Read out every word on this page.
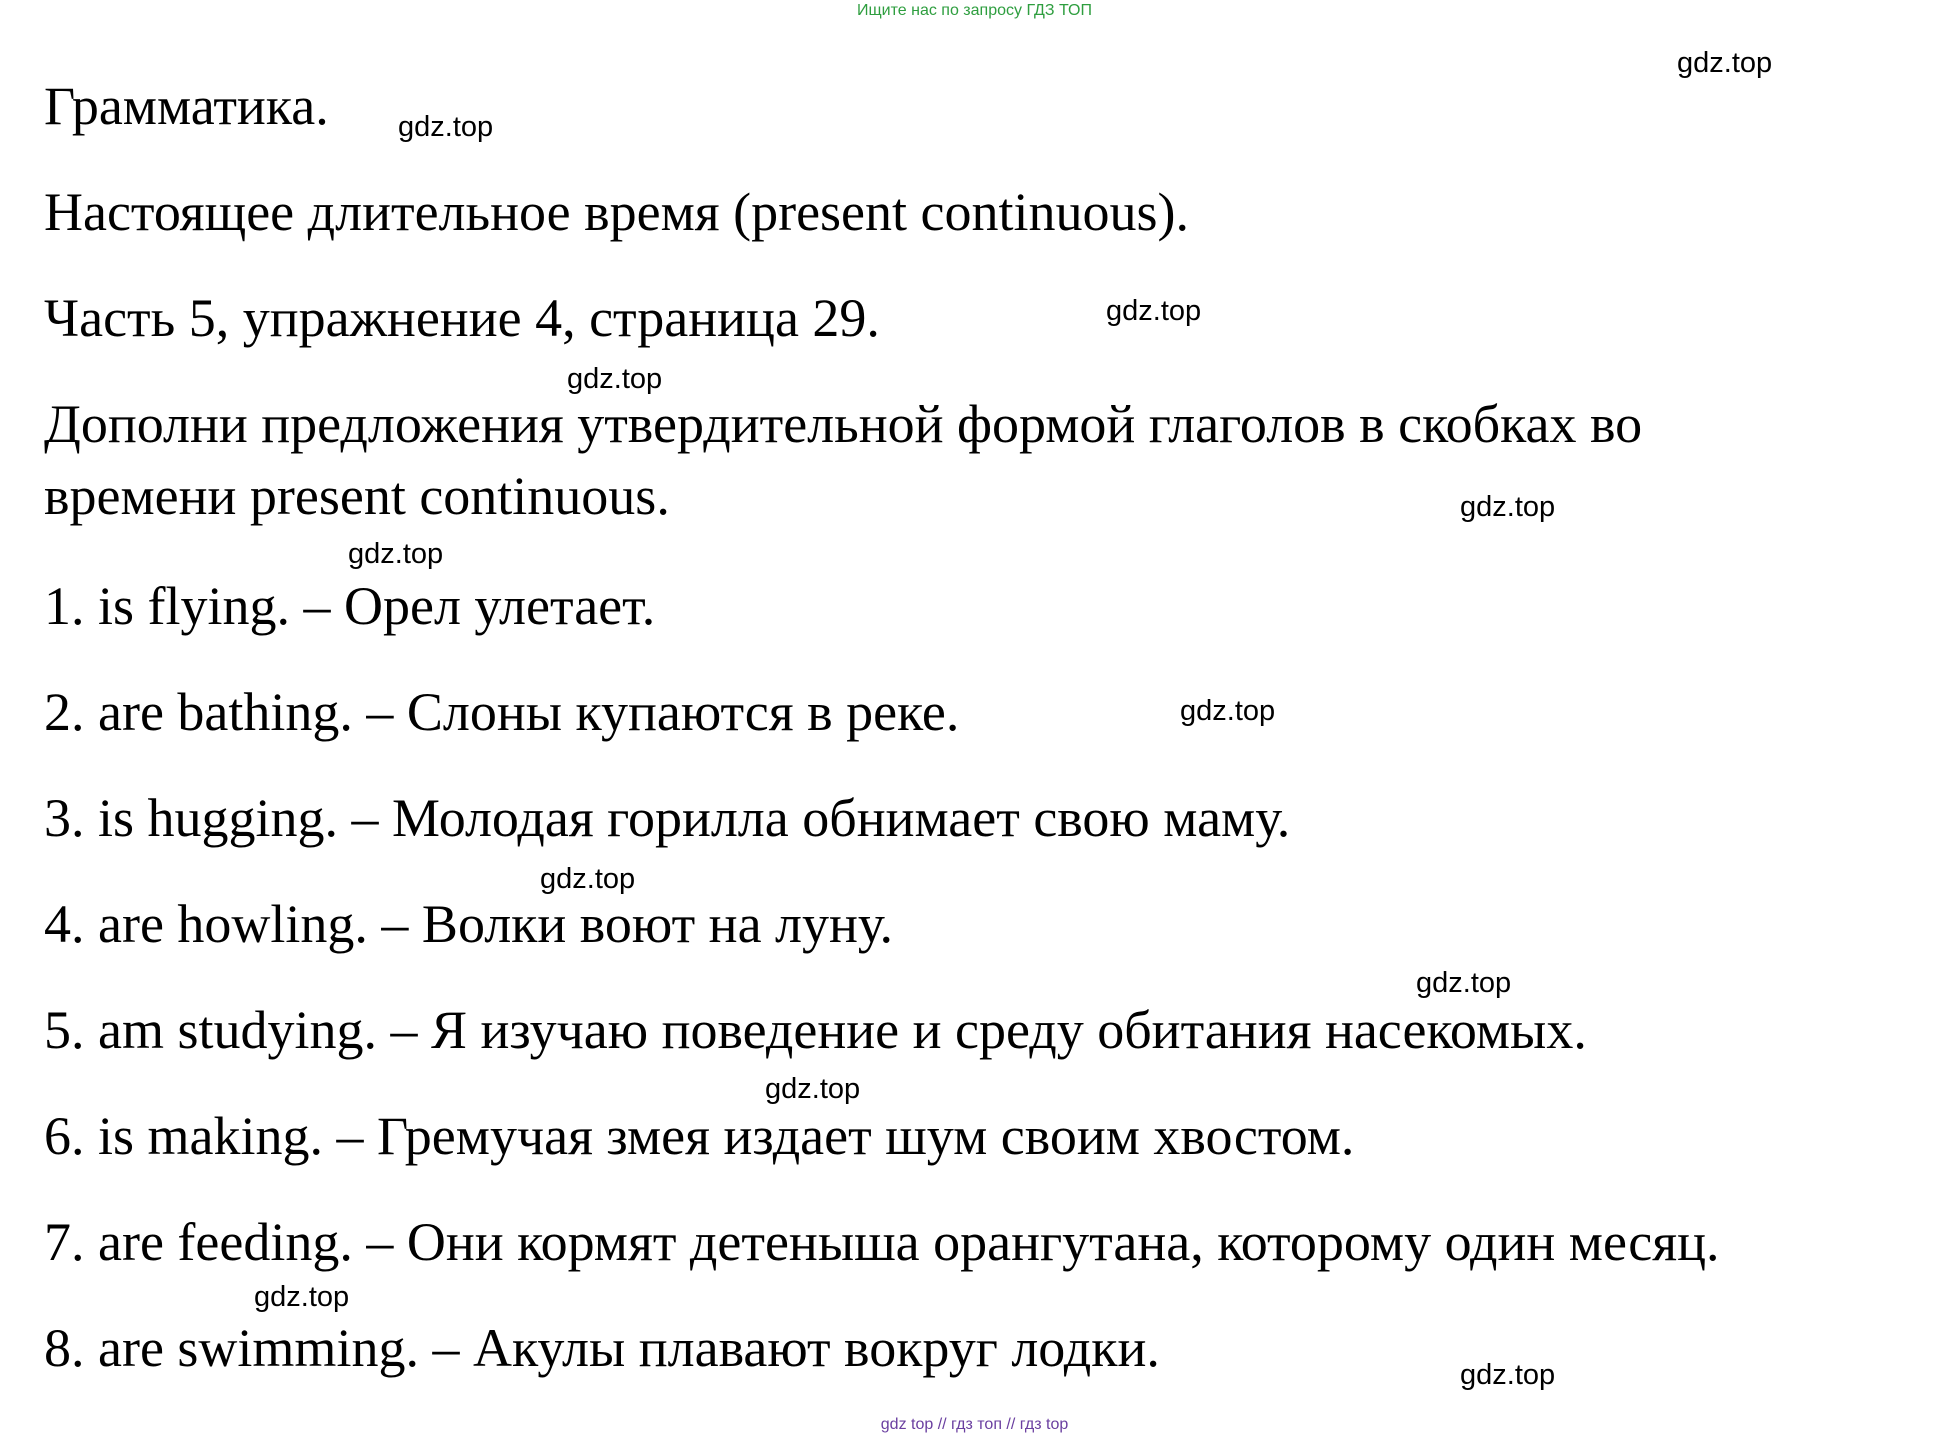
Ищите нас по запросу ГДЗ ТОП
Грамматика.
Настоящее длительное время (present continuous).
Часть 5, упражнение 4, страница 29.
Дополни предложения утвердительной формой глаголов в скобках во
времени present continuous.
1. is flying. – Орел улетает.
2. are bathing. – Слоны купаются в реке.
3. is hugging. – Молодая горилла обнимает свою маму.
4. are howling. – Волки воют на луну.
5. am studying. – Я изучаю поведение и среду обитания насекомых.
6. is making. – Гремучая змея издает шум своим хвостом.
7. are feeding. – Они кормят детеныша орангутана, которому один месяц.
8. are swimming. – Акулы плавают вокруг лодки.
gdz.top
gdz.top
gdz.top
gdz.top
gdz.top
gdz.top
gdz.top
gdz.top
gdz.top
gdz.top
gdz.top
gdz.top
gdz top // гдз топ // гдз top
